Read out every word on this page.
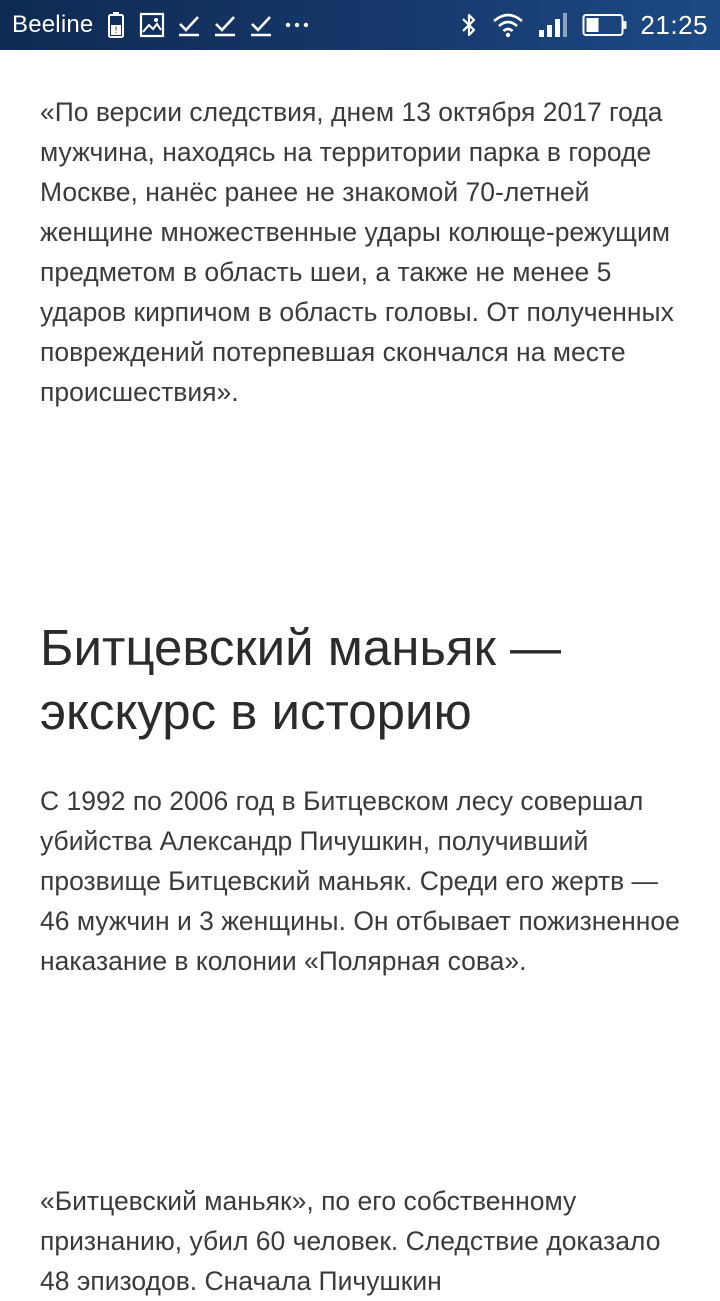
Beeline !	21:25

«По версии следствия, днем 13 октября 2017 года мужчина, находясь на территории парка в городе Москве, нанёс ранее не знакомой 70-летней женщине множественные удары колюще-режущим предметом в область шеи, а также не менее 5 ударов кирпичом в область головы. От полученных повреждений потерпевшая скончался на месте происшествия».

Битцевский маньяк — экскурс в историю

С 1992 по 2006 год в Битцевском лесу совершал убийства Александр Пичушкин, получивший прозвище Битцевский маньяк. Среди его жертв — 46 мужчин и 3 женщины. Он отбывает пожизненное наказание в колонии «Полярная сова».

«Битцевский маньяк», по его собственному признанию, убил 60 человек. Следствие доказало 48 эпизодов. Сначала Пичушкин
